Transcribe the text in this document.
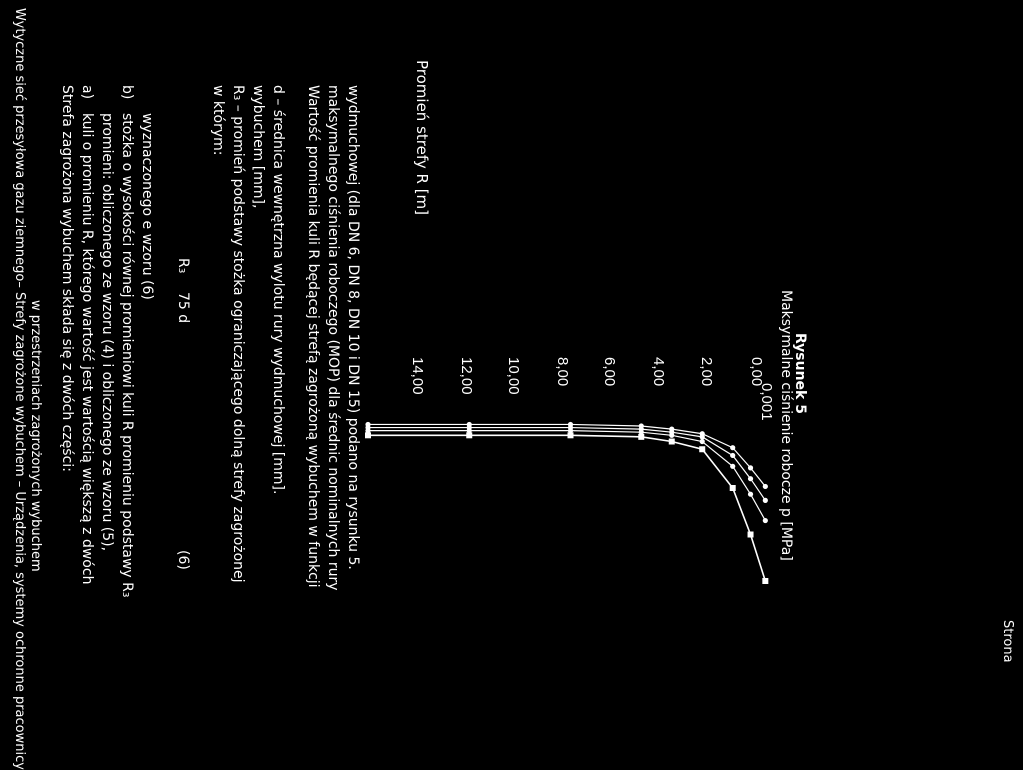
Wytyczne sieć przesyłowa gazu ziemnego– Strefy zagrożone wybuchem – Urządzenia, systemy ochronne pracownicy w przestrzeniach zagrożonych wybuchem Strefa zagrożona wybuchem składa się z dwóch części: a)
kuli o promieniu R, którego wartość jest wartością większą z dwóch promieni: obliczonego ze wzoru (4) i obliczonego ze wzoru (5),
b)
stożka o wysokości równej promieniowi kuli R promieniu podstawy R₃ wyznaczonego e wzoru (6) R₃
75 d
(6)
w którym: R₃ – promień podstawy stożka ograniczającego dolną strefy zagrożonej wybuchem [mm], d – średnica wewnętrzna wylotu rury wydmuchowej [mm]. Wartość promienia kuli R będącej strefą zagrożoną wybuchem w funkcji maksymalnego ciśnienia roboczego (MOP) dla średnic nominalnych rury wydmuchowej (dla DN 6, DN 8, DN 10 i DN 15) podano na rysunku 5.	Promień strefy R [m]
14,00 12,00 10,00 8,00 6,00 4,00 2,00 0,00
0,001 Maksymalne ciśnienie robocze p [MPa]
Rysunek 5
Strona
